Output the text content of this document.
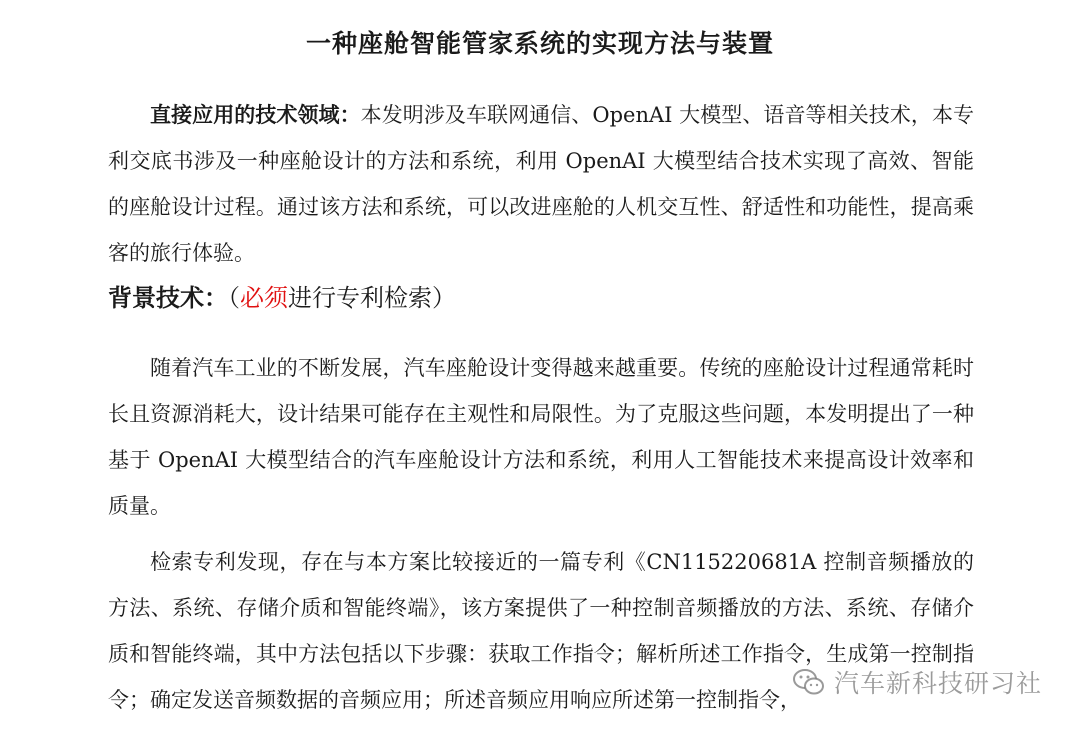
一种座舱智能管家系统的实现方法与装置

直接应用的技术领域：本发明涉及车联网通信、OpenAI 大模型、语音等相关技术，本专利交底书涉及一种座舱设计的方法和系统，利用 OpenAI 大模型结合技术实现了高效、智能的座舱设计过程。通过该方法和系统，可以改进座舱的人机交互性、舒适性和功能性，提高乘客的旅行体验。

背景技术：（必须进行专利检索）

随着汽车工业的不断发展，汽车座舱设计变得越来越重要。传统的座舱设计过程通常耗时长且资源消耗大，设计结果可能存在主观性和局限性。为了克服这些问题，本发明提出了一种基于 OpenAI 大模型结合的汽车座舱设计方法和系统，利用人工智能技术来提高设计效率和质量。

检索专利发现，存在与本方案比较接近的一篇专利《CN115220681A 控制音频播放的方法、系统、存储介质和智能终端》，该方案提供了一种控制音频播放的方法、系统、存储介质和智能终端，其中方法包括以下步骤：获取工作指令；解析所述工作指令，生成第一控制指令；确定发送音频数据的音频应用；所述音频应用响应所述第一控制指令，

汽车新科技研习社
